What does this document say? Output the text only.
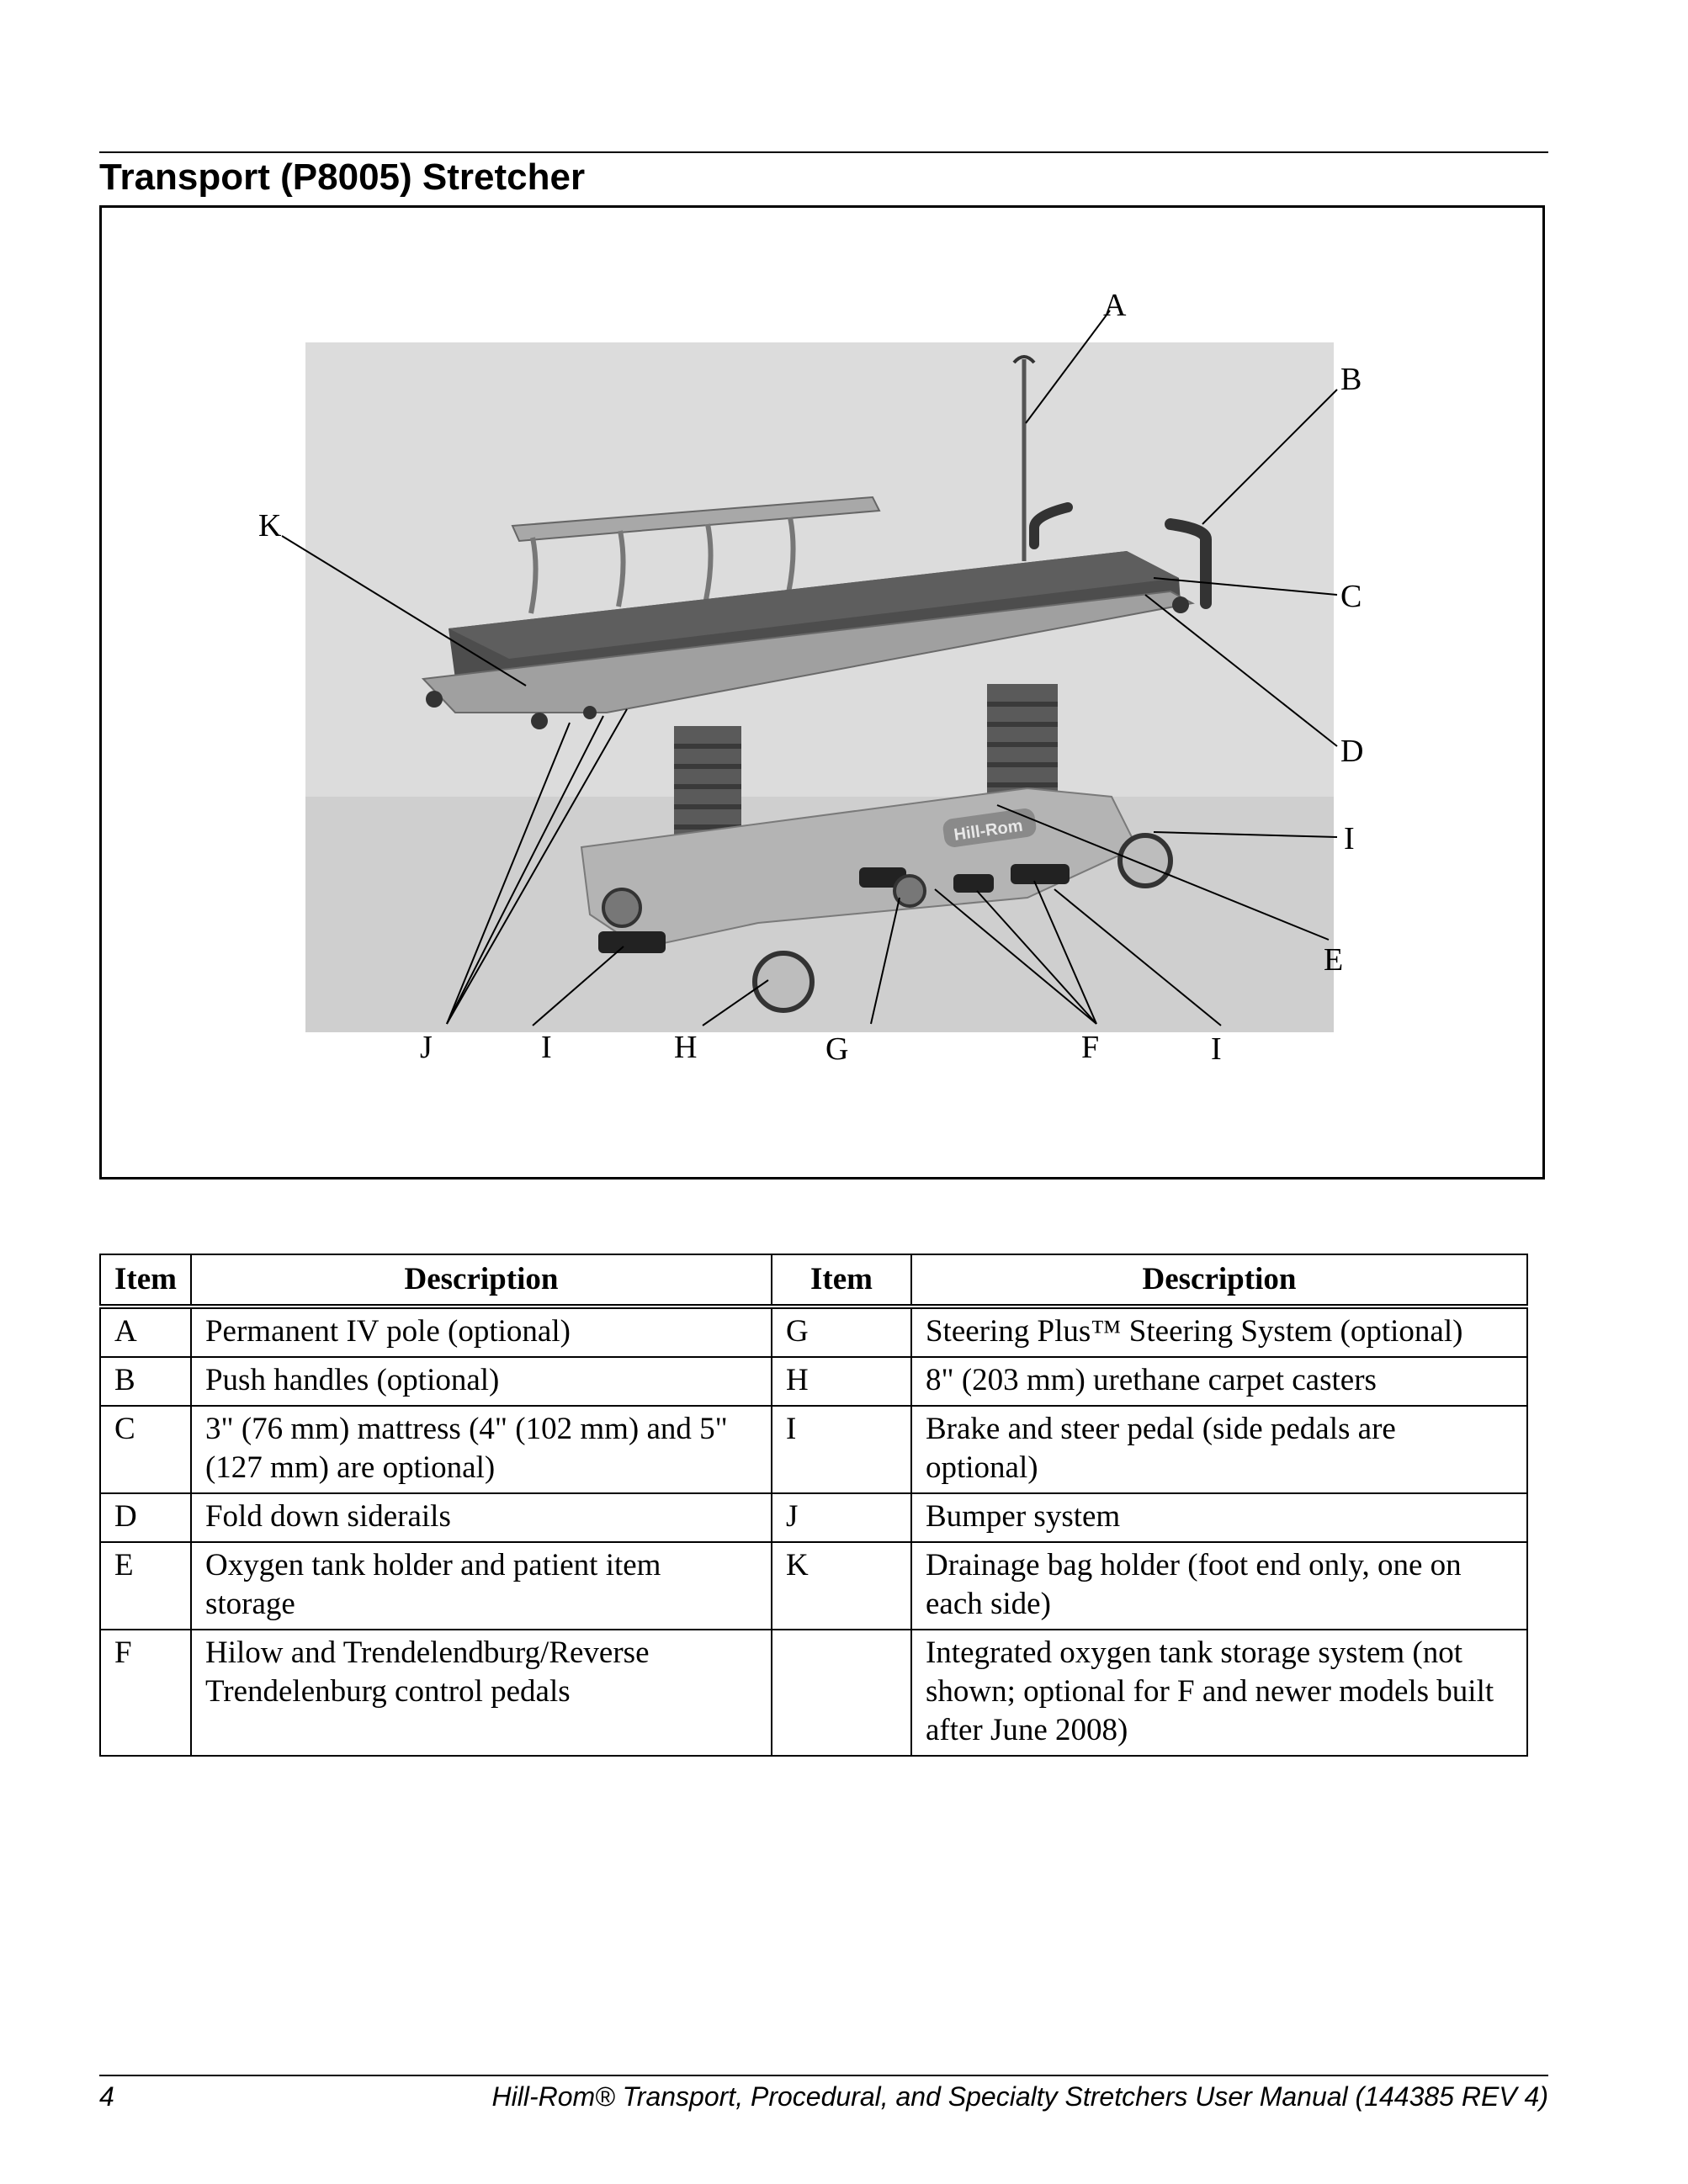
Transport (P8005) Stretcher
Hill-Rom
A
B
C
D
E
I
K
J	I	H	G	F	I
Item	Description	Item	Description
A	Permanent IV pole (optional)	G	Steering Plus™ Steering System (optional)
B	Push handles (optional)	H	8" (203 mm) urethane carpet casters
C	3" (76 mm) mattress (4" (102 mm) and 5" (127 mm) are optional)	I	Brake and steer pedal (side pedals are optional)
D	Fold down siderails	J	Bumper system
E	Oxygen tank holder and patient item storage	K	Drainage bag holder (foot end only, one on each side)
F	Hilow and Trendelendburg/Reverse Trendelenburg control pedals		Integrated oxygen tank storage system (not shown; optional for F and newer models built after June 2008)
4	Hill-Rom® Transport, Procedural, and Specialty Stretchers User Manual (144385 REV 4)
